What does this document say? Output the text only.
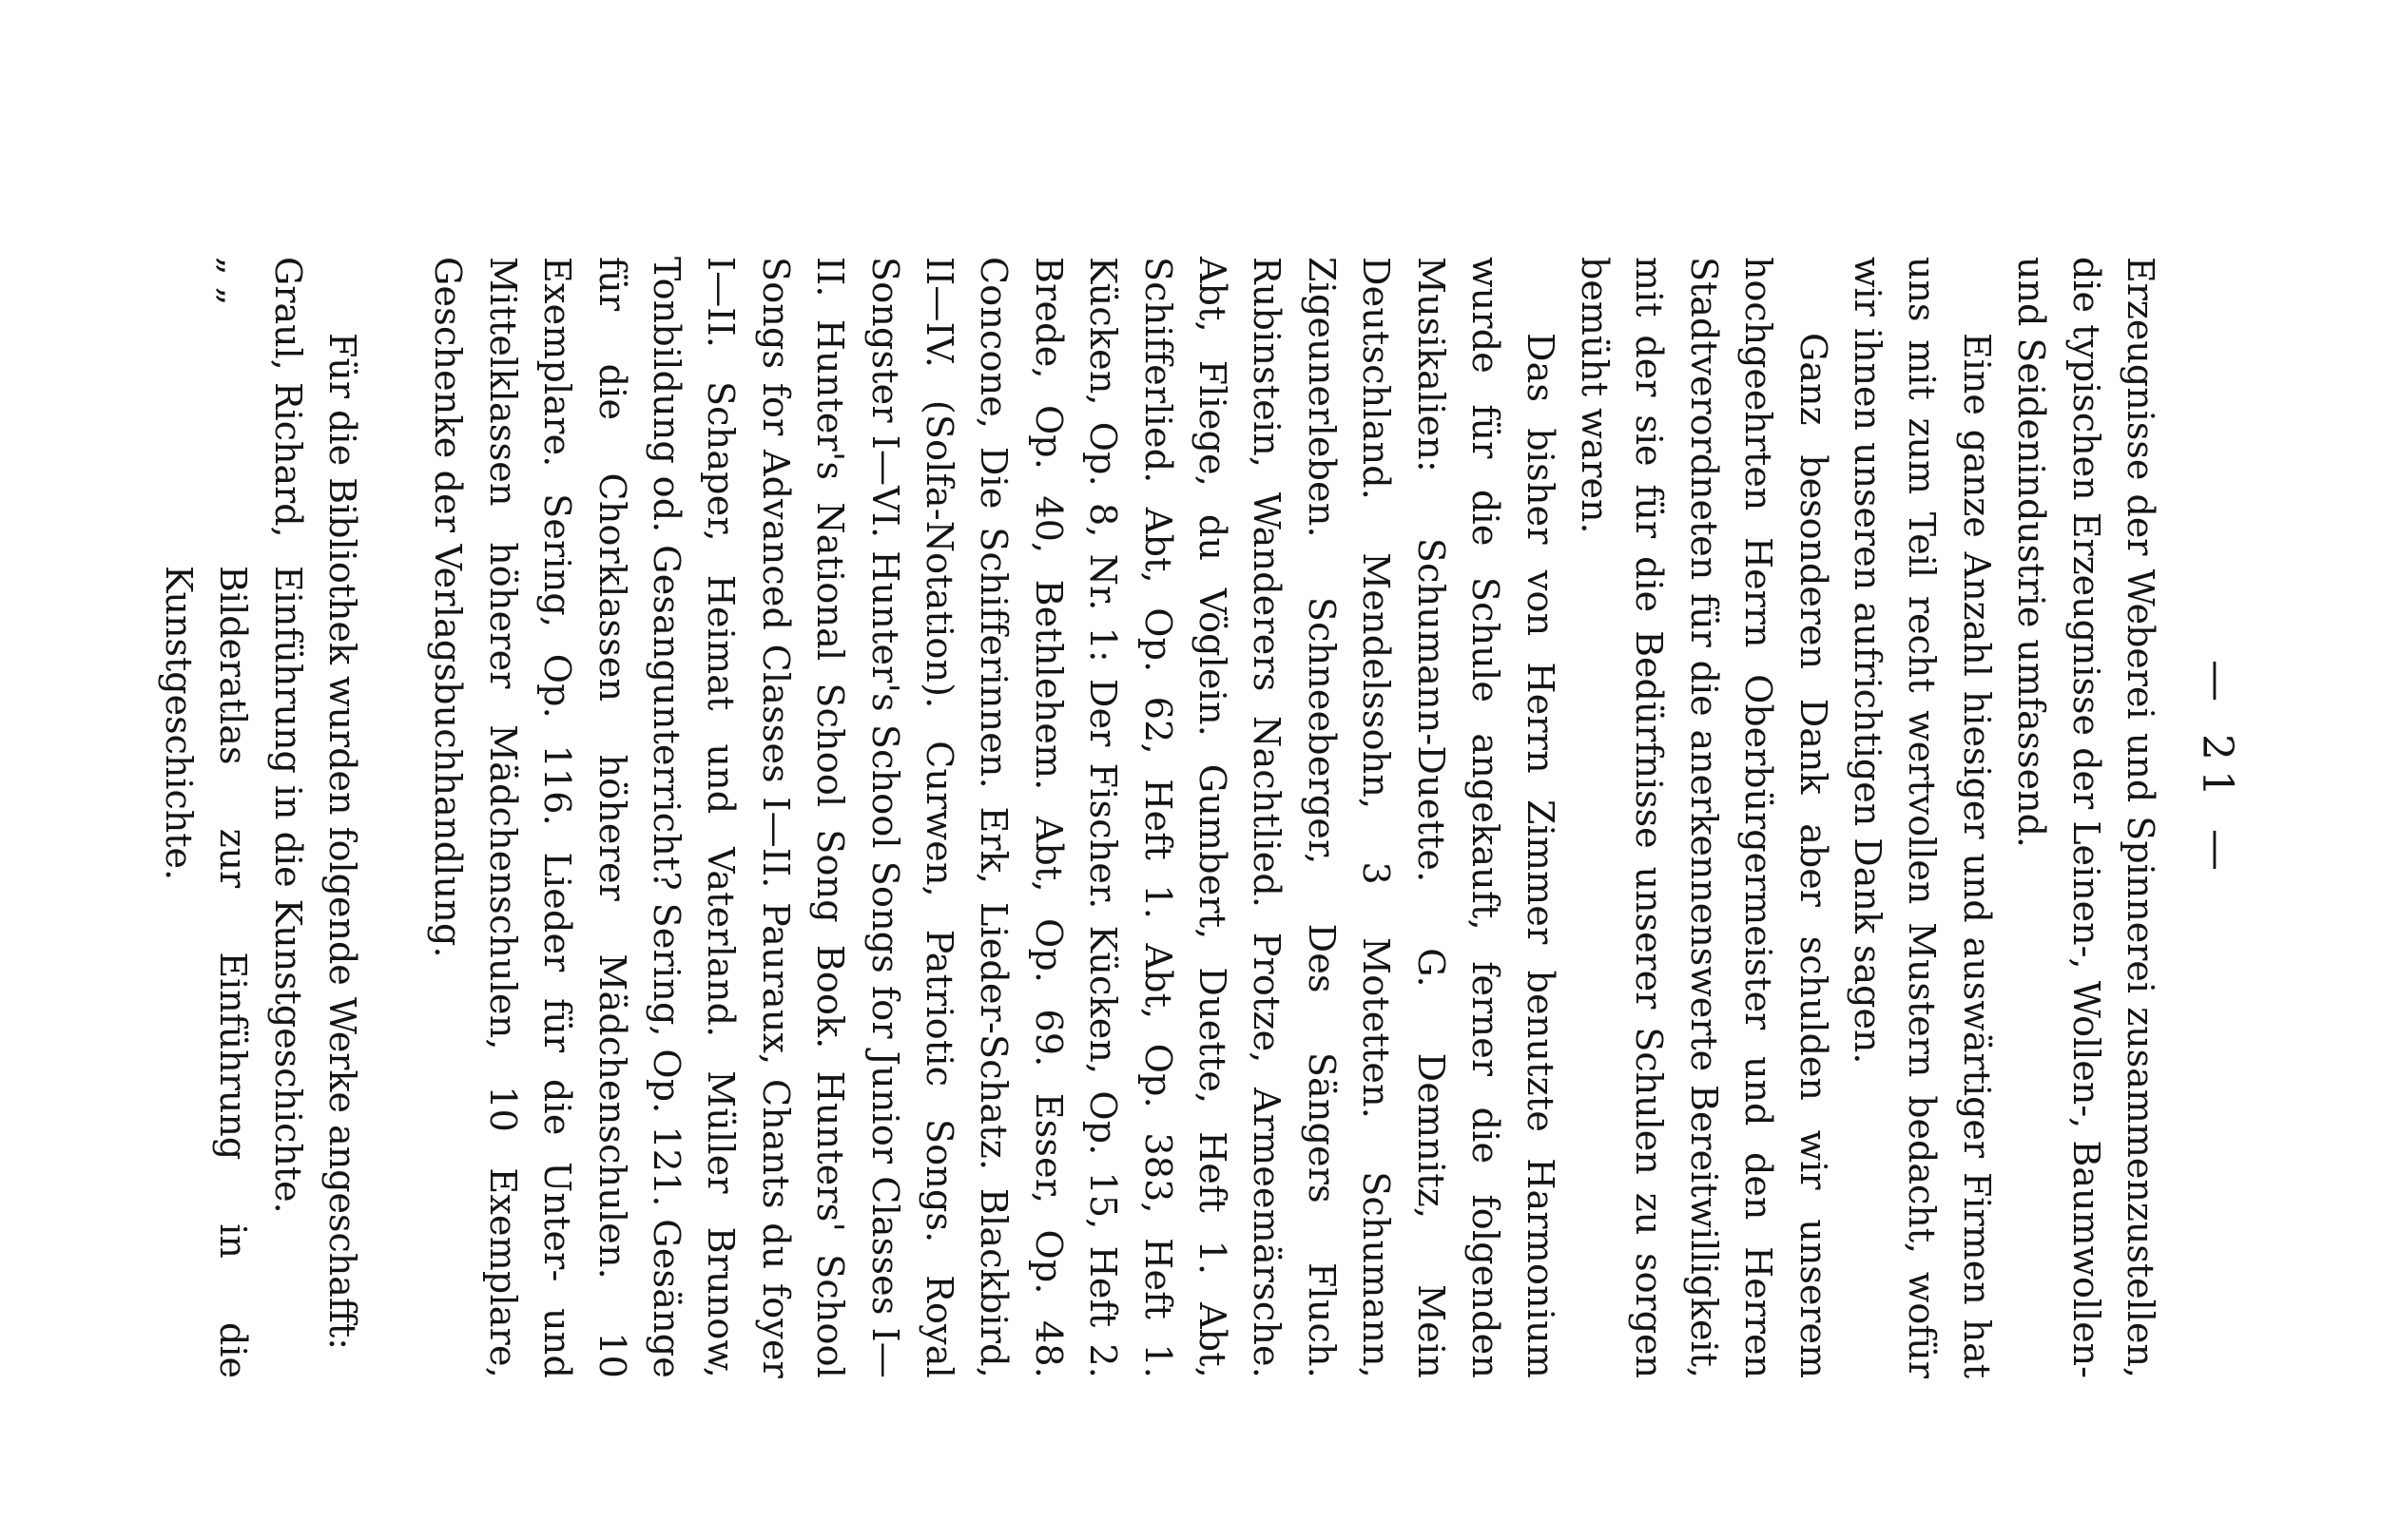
— 21 —

Erzeugnisse der Weberei und Spinnerei zusammenzustellen, die typischen Erzeugnisse der Leinen-, Wollen-, Baumwollen- und Seidenindustrie umfassend.

Eine ganze Anzahl hiesiger und auswärtiger Firmen hat uns mit zum Teil recht wertvollen Mustern bedacht, wofür wir ihnen unseren aufrichtigen Dank sagen.

Ganz besonderen Dank aber schulden wir unserem hochgeehrten Herrn Oberbürgermeister und den Herren Stadtverordneten für die anerkennenswerte Bereitwilligkeit, mit der sie für die Bedürfnisse unserer Schulen zu sorgen bemüht waren.

Das bisher von Herrn Zimmer benutzte Harmonium wurde für die Schule angekauft, ferner die folgenden Musikalien: Schumann-Duette. G. Demnitz, Mein Deutschland. Mendelssohn, 3 Motetten. Schumann, Zigeunerleben. Schneeberger, Des Sängers Fluch. Rubinstein, Wanderers Nachtlied. Protze, Armeemärsche. Abt, Fliege, du Vöglein. Gumbert, Duette, Heft 1. Abt, Schifferlied. Abt, Op. 62, Heft 1. Abt, Op. 383, Heft 1. Kücken, Op. 8, Nr. 1: Der Fischer. Kücken, Op. 15, Heft 2. Brede, Op. 40, Bethlehem. Abt, Op. 69. Esser, Op. 48. Concone, Die Schifferinnen. Erk, Lieder-Schatz. Blackbird, II—IV. (Solfa-Notation). Curwen, Patriotic Songs. Royal Songster I—VI. Hunter's School Songs for Junior Classes I—II. Hunter's National School Song Book. Hunters' School Songs for Advanced Classes I—II. Pauraux, Chants du foyer I—II. Schaper, Heimat und Vaterland. Müller Brunow, Tonbildung od. Gesangunterricht? Sering, Op. 121. Gesänge für die Chorklassen höherer Mädchenschulen. 10 Exemplare. Sering, Op. 116. Lieder für die Unter- und Mittelklassen höherer Mädchenschulen, 10 Exemplare, Geschenke der Verlagsbuchhandlung.

Für die Bibliothek wurden folgende Werke angeschafft:

Graul, Richard,
Einführung in die Kunstgeschichte.

„ „
Bilderatlas zur Einführung in die Kunstgeschichte.
